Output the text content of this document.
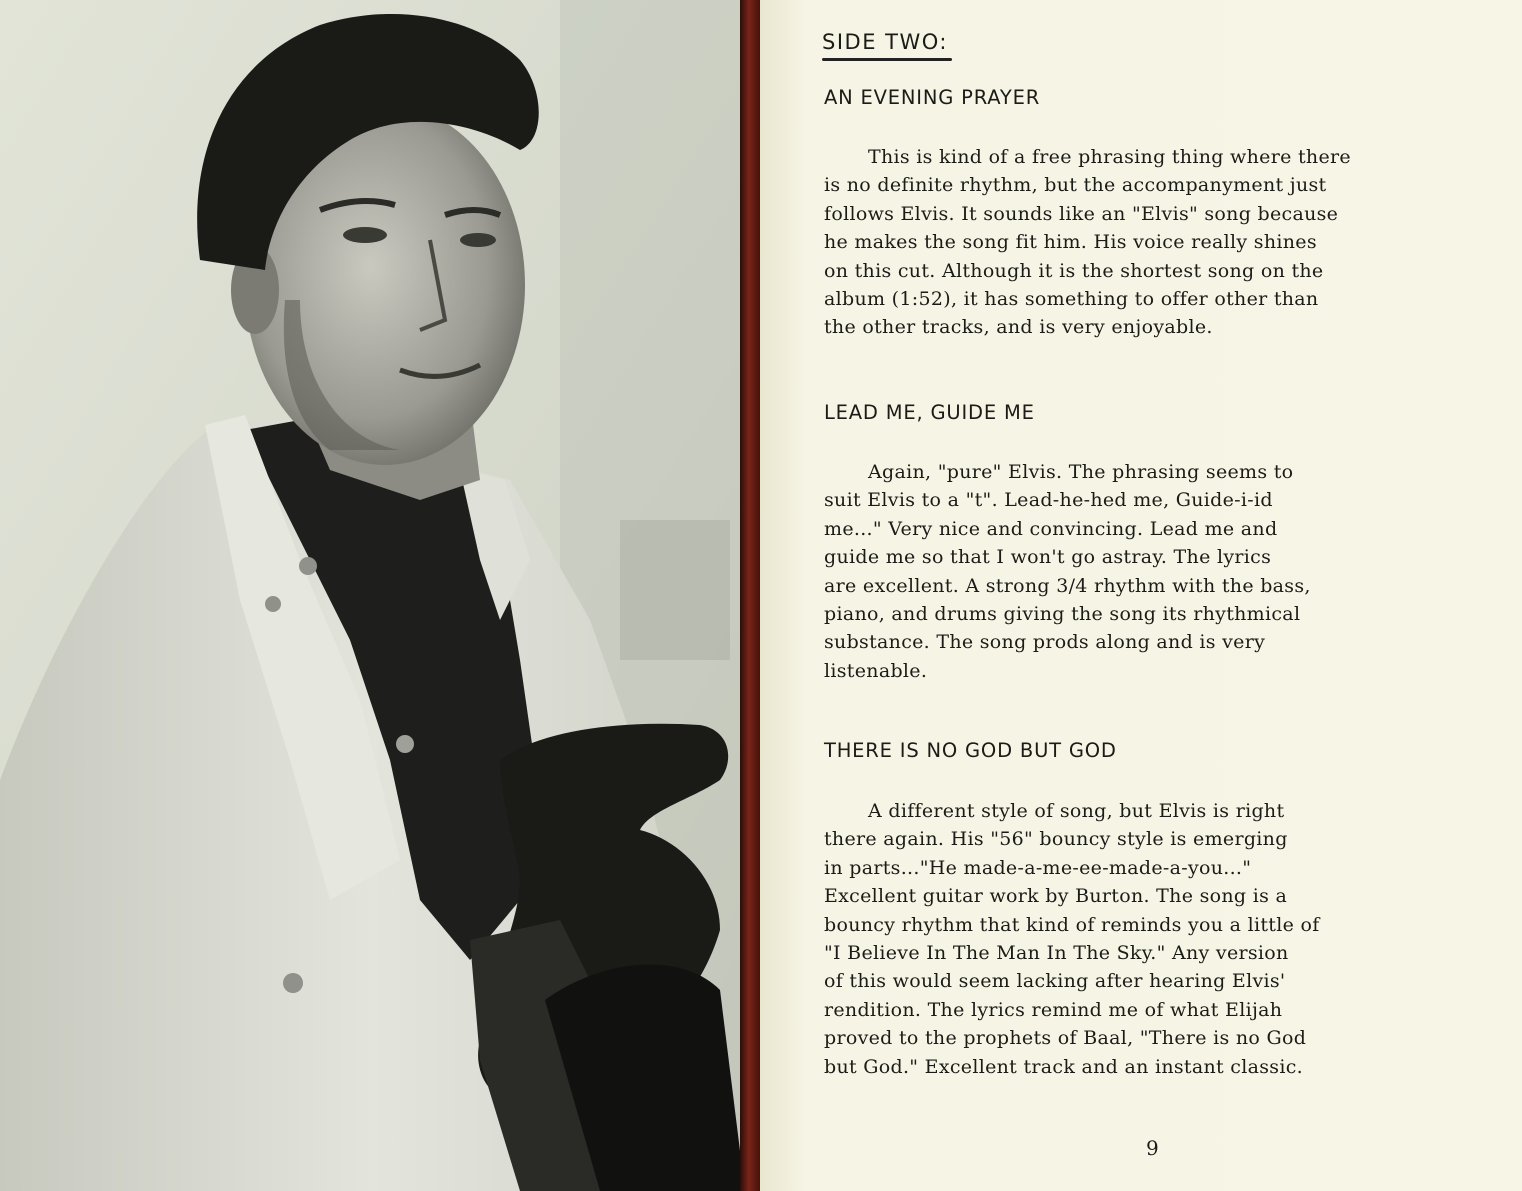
SIDE TWO:
AN EVENING PRAYER
This is kind of a free phrasing thing where there
is no definite rhythm, but the accompanyment just
follows Elvis. It sounds like an "Elvis" song because
he makes the song fit him. His voice really shines
on this cut. Although it is the shortest song on the
album (1:52), it has something to offer other than
the other tracks, and is very enjoyable.
LEAD ME, GUIDE ME
Again, "pure" Elvis. The phrasing seems to
suit Elvis to a "t". Lead-he-hed me, Guide-i-id
me..." Very nice and convincing. Lead me and
guide me so that I won't go astray. The lyrics
are excellent. A strong 3/4 rhythm with the bass,
piano, and drums giving the song its rhythmical
substance. The song prods along and is very
listenable.
THERE IS NO GOD BUT GOD
A different style of song, but Elvis is right
there again. His "56" bouncy style is emerging
in parts..."He made-a-me-ee-made-a-you..."
Excellent guitar work by Burton. The song is a
bouncy rhythm that kind of reminds you a little of
"I Believe In The Man In The Sky." Any version
of this would seem lacking after hearing Elvis'
rendition. The lyrics remind me of what Elijah
proved to the prophets of Baal, "There is no God
but God." Excellent track and an instant classic.
9
